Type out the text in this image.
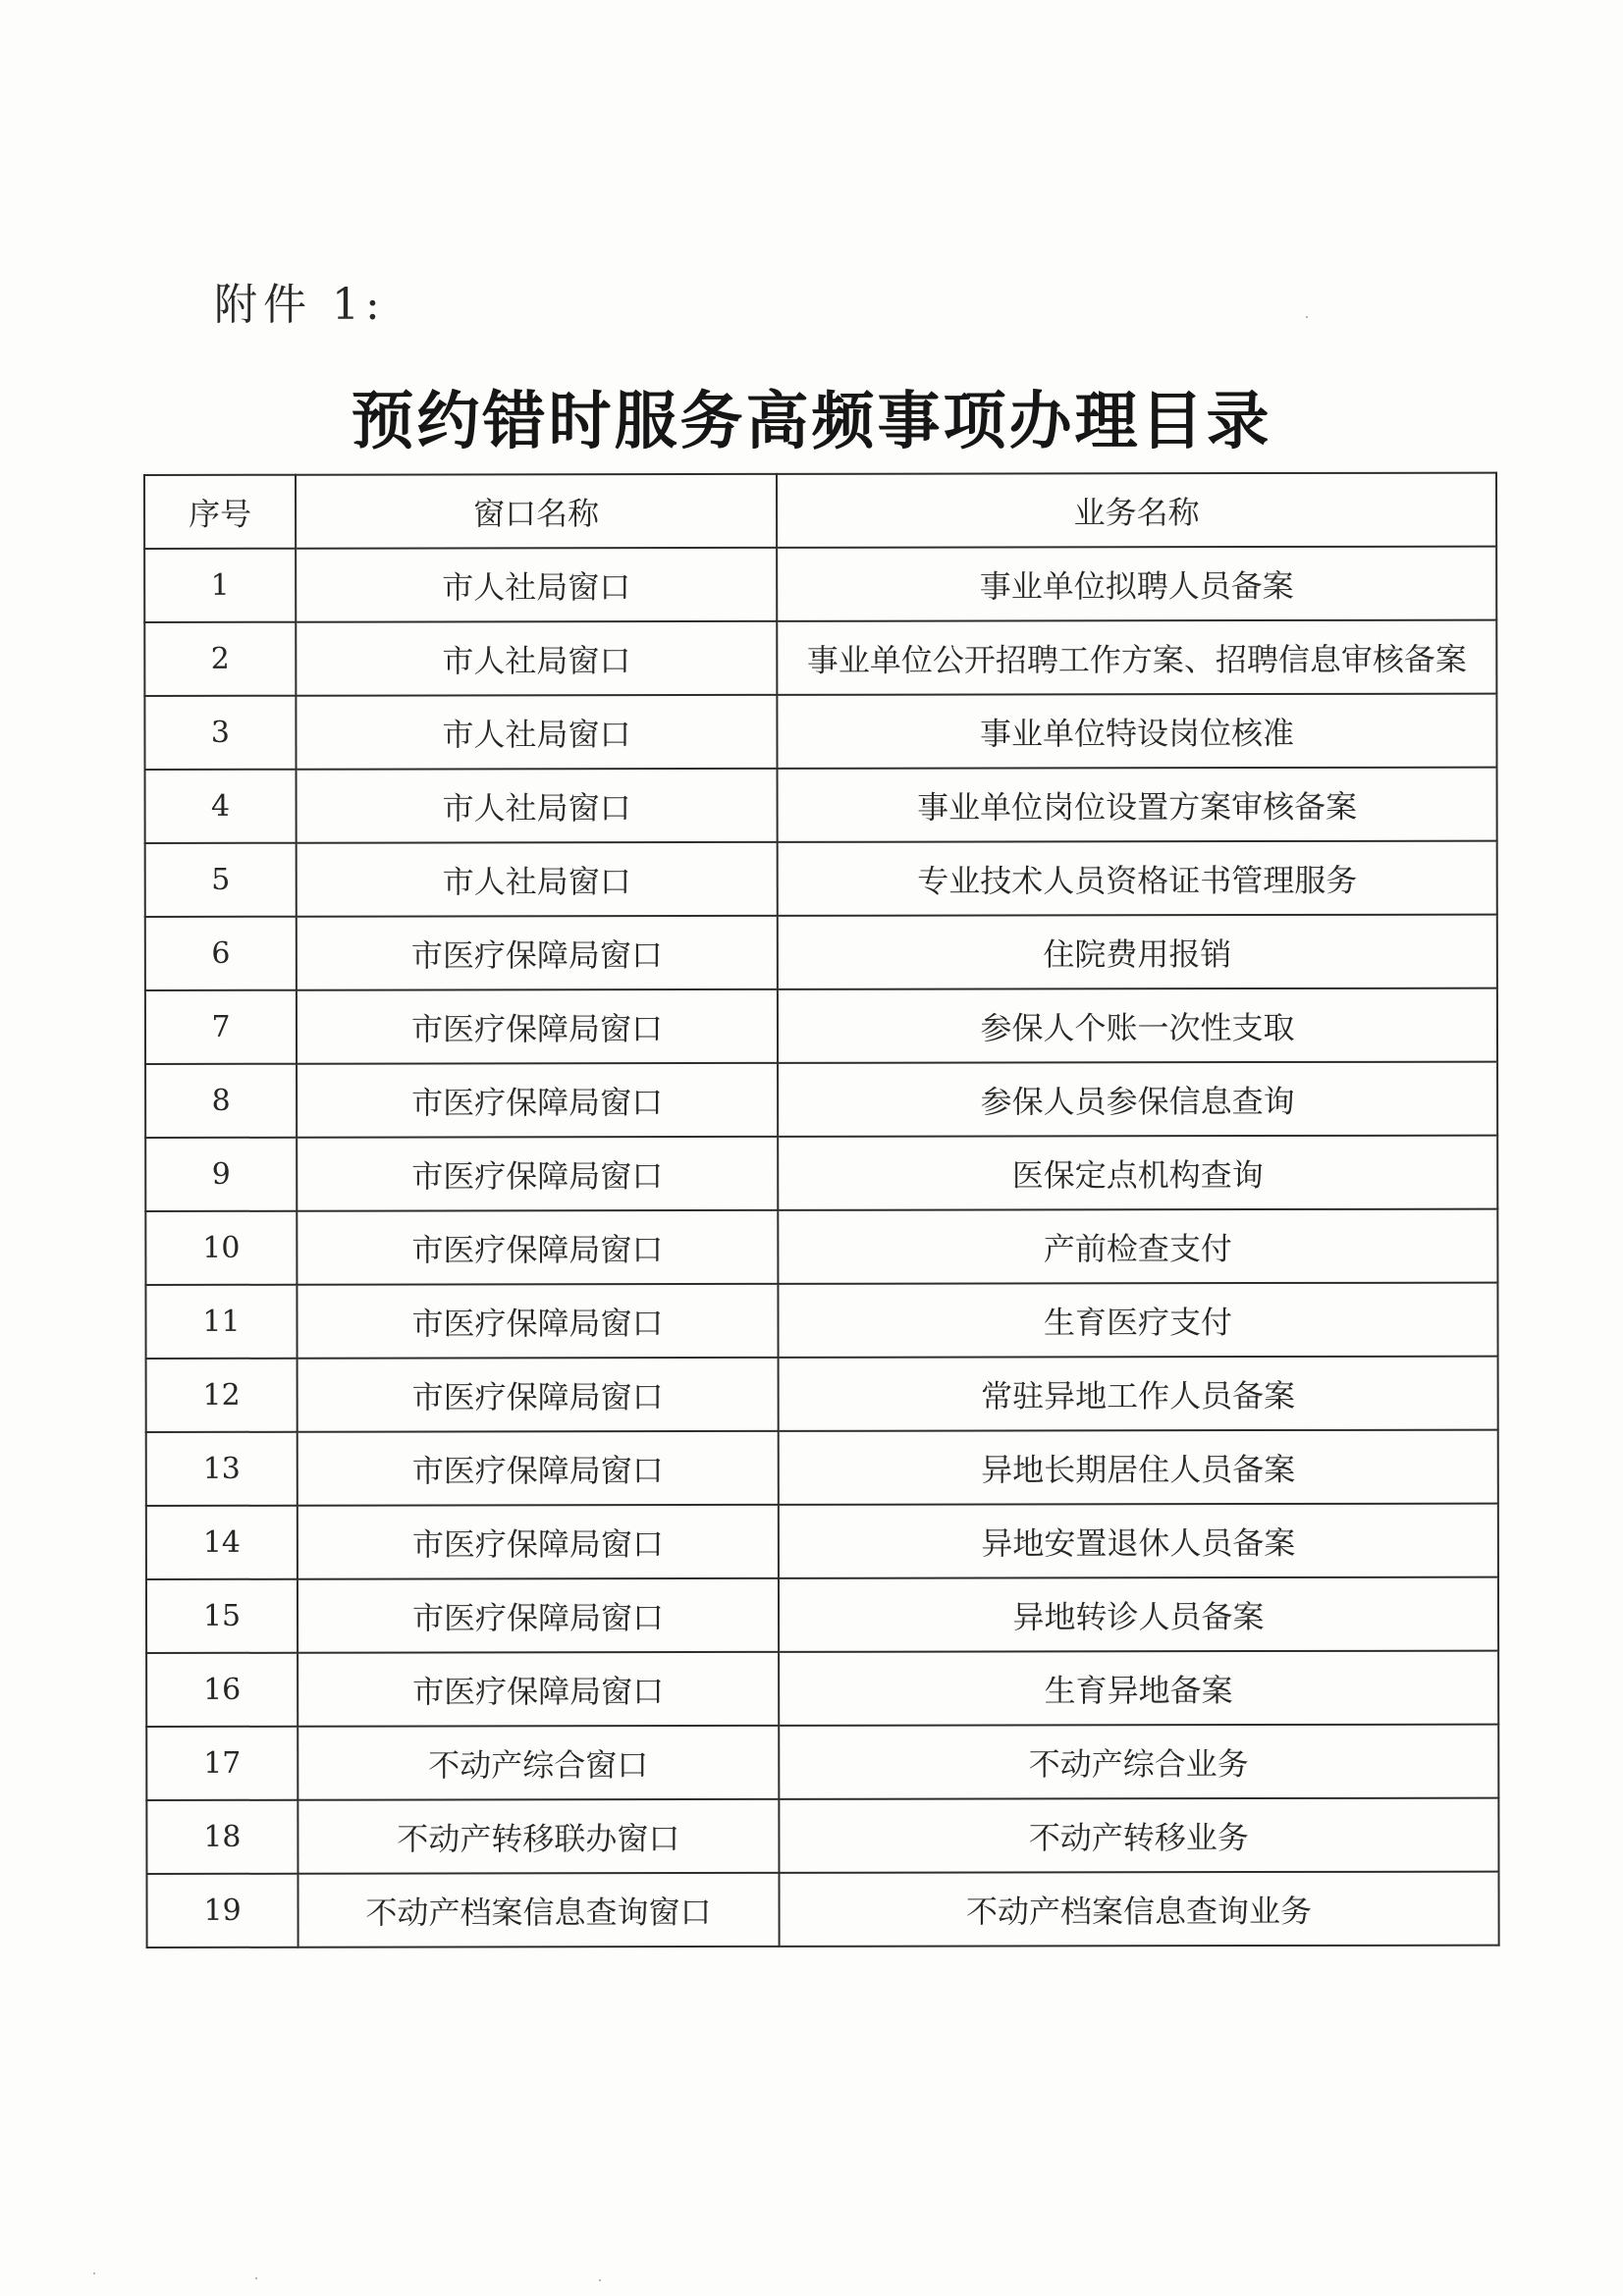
附件 1:
预约错时服务高频事项办理目录
序号	窗口名称	业务名称
1	市人社局窗口	事业单位拟聘人员备案
2	市人社局窗口	事业单位公开招聘工作方案、招聘信息审核备案
3	市人社局窗口	事业单位特设岗位核准
4	市人社局窗口	事业单位岗位设置方案审核备案
5	市人社局窗口	专业技术人员资格证书管理服务
6	市医疗保障局窗口	住院费用报销
7	市医疗保障局窗口	参保人个账一次性支取
8	市医疗保障局窗口	参保人员参保信息查询
9	市医疗保障局窗口	医保定点机构查询
10	市医疗保障局窗口	产前检查支付
11	市医疗保障局窗口	生育医疗支付
12	市医疗保障局窗口	常驻异地工作人员备案
13	市医疗保障局窗口	异地长期居住人员备案
14	市医疗保障局窗口	异地安置退休人员备案
15	市医疗保障局窗口	异地转诊人员备案
16	市医疗保障局窗口	生育异地备案
17	不动产综合窗口	不动产综合业务
18	不动产转移联办窗口	不动产转移业务
19	不动产档案信息查询窗口	不动产档案信息查询业务
